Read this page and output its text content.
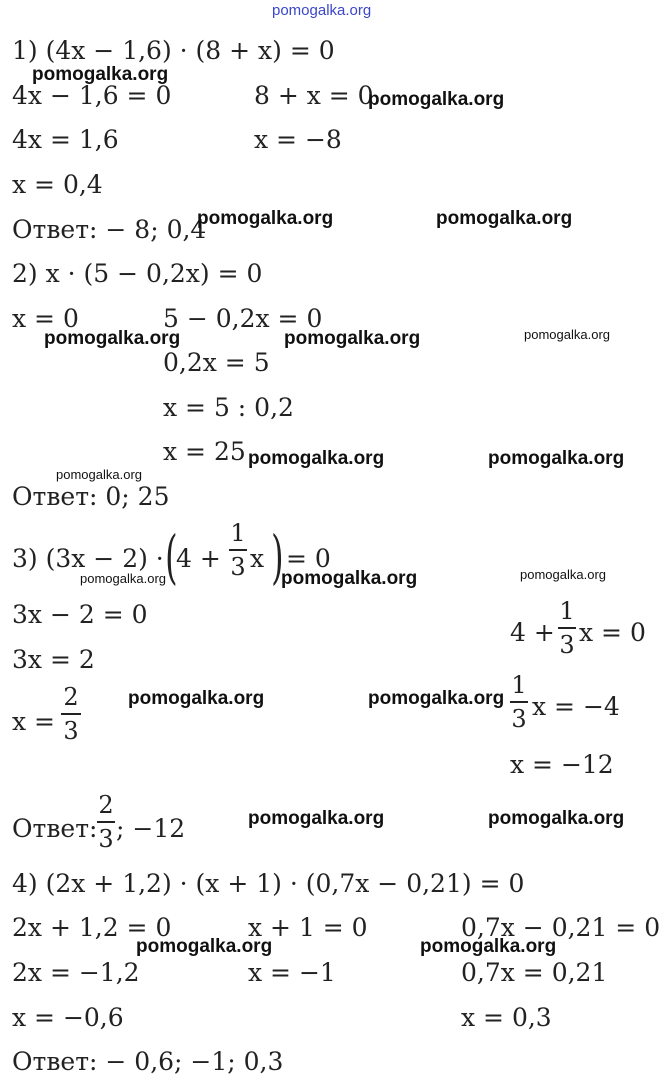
pomogalka.org
1) (4x − 1,6) · (8 + x) = 0
4x − 1,6 = 0
4x = 1,6
x = 0,4
8 + x = 0
x = −8
Ответ: − 8; 0,4
2) x · (5 − 0,2x) = 0
x = 0	5 − 0,2x = 0
0,2x = 5
x = 5 : 0,2
x = 25
Ответ: 0; 25
3) (3x − 2) · (
4 +
1
3 x ) = 0
3x − 2 = 0
3x = 2
x =
2
3
4 +
1
3 x = 0
1
3 x = −4
x = −12
Ответ:
2
3 ; −12
4) (2x + 1,2) · (x + 1) · (0,7x − 0,21) = 0
2x + 1,2 = 0
2x = −1,2
x = −0,6
x + 1 = 0
x = −1
0,7x − 0,21 = 0
0,7x = 0,21
x = 0,3
Ответ: − 0,6; −1; 0,3
pomogalka.org
pomogalka.org
pomogalka.org	pomogalka.org
pomogalka.org	pomogalka.org	pomogalka.org
pomogalka.org	pomogalka.org
pomogalka.org
pomogalka.org	pomogalka.org	pomogalka.org
pomogalka.org	pomogalka.org
pomogalka.org	pomogalka.org
pomogalka.org	pomogalka.org
